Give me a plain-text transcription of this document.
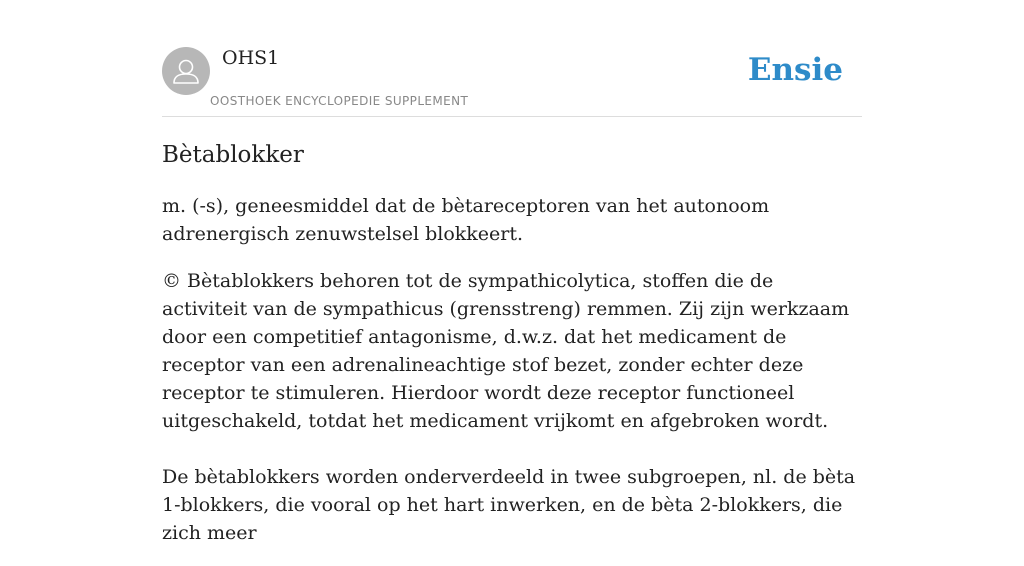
OHS1
OOSTHOEK ENCYCLOPEDIE SUPPLEMENT
Ensie
Bètablokker

m. (-s), geneesmiddel dat de bètareceptoren van het autonoom adrenergisch zenuwstelsel blokkeert.

© Bètablokkers behoren tot de sympathicolytica, stoffen die de activiteit van de sympathicus (grensstreng) remmen. Zij zijn werkzaam door een competitief antagonisme, d.w.z. dat het medicament de receptor van een adrenalineachtige stof bezet, zonder echter deze receptor te stimuleren. Hierdoor wordt deze receptor functioneel uitgeschakeld, totdat het medicament vrijkomt en afgebroken wordt.

De bètablokkers worden onderverdeeld in twee subgroepen, nl. de bèta 1-blokkers, die vooral op het hart inwerken, en de bèta 2-blokkers, die zich meer
